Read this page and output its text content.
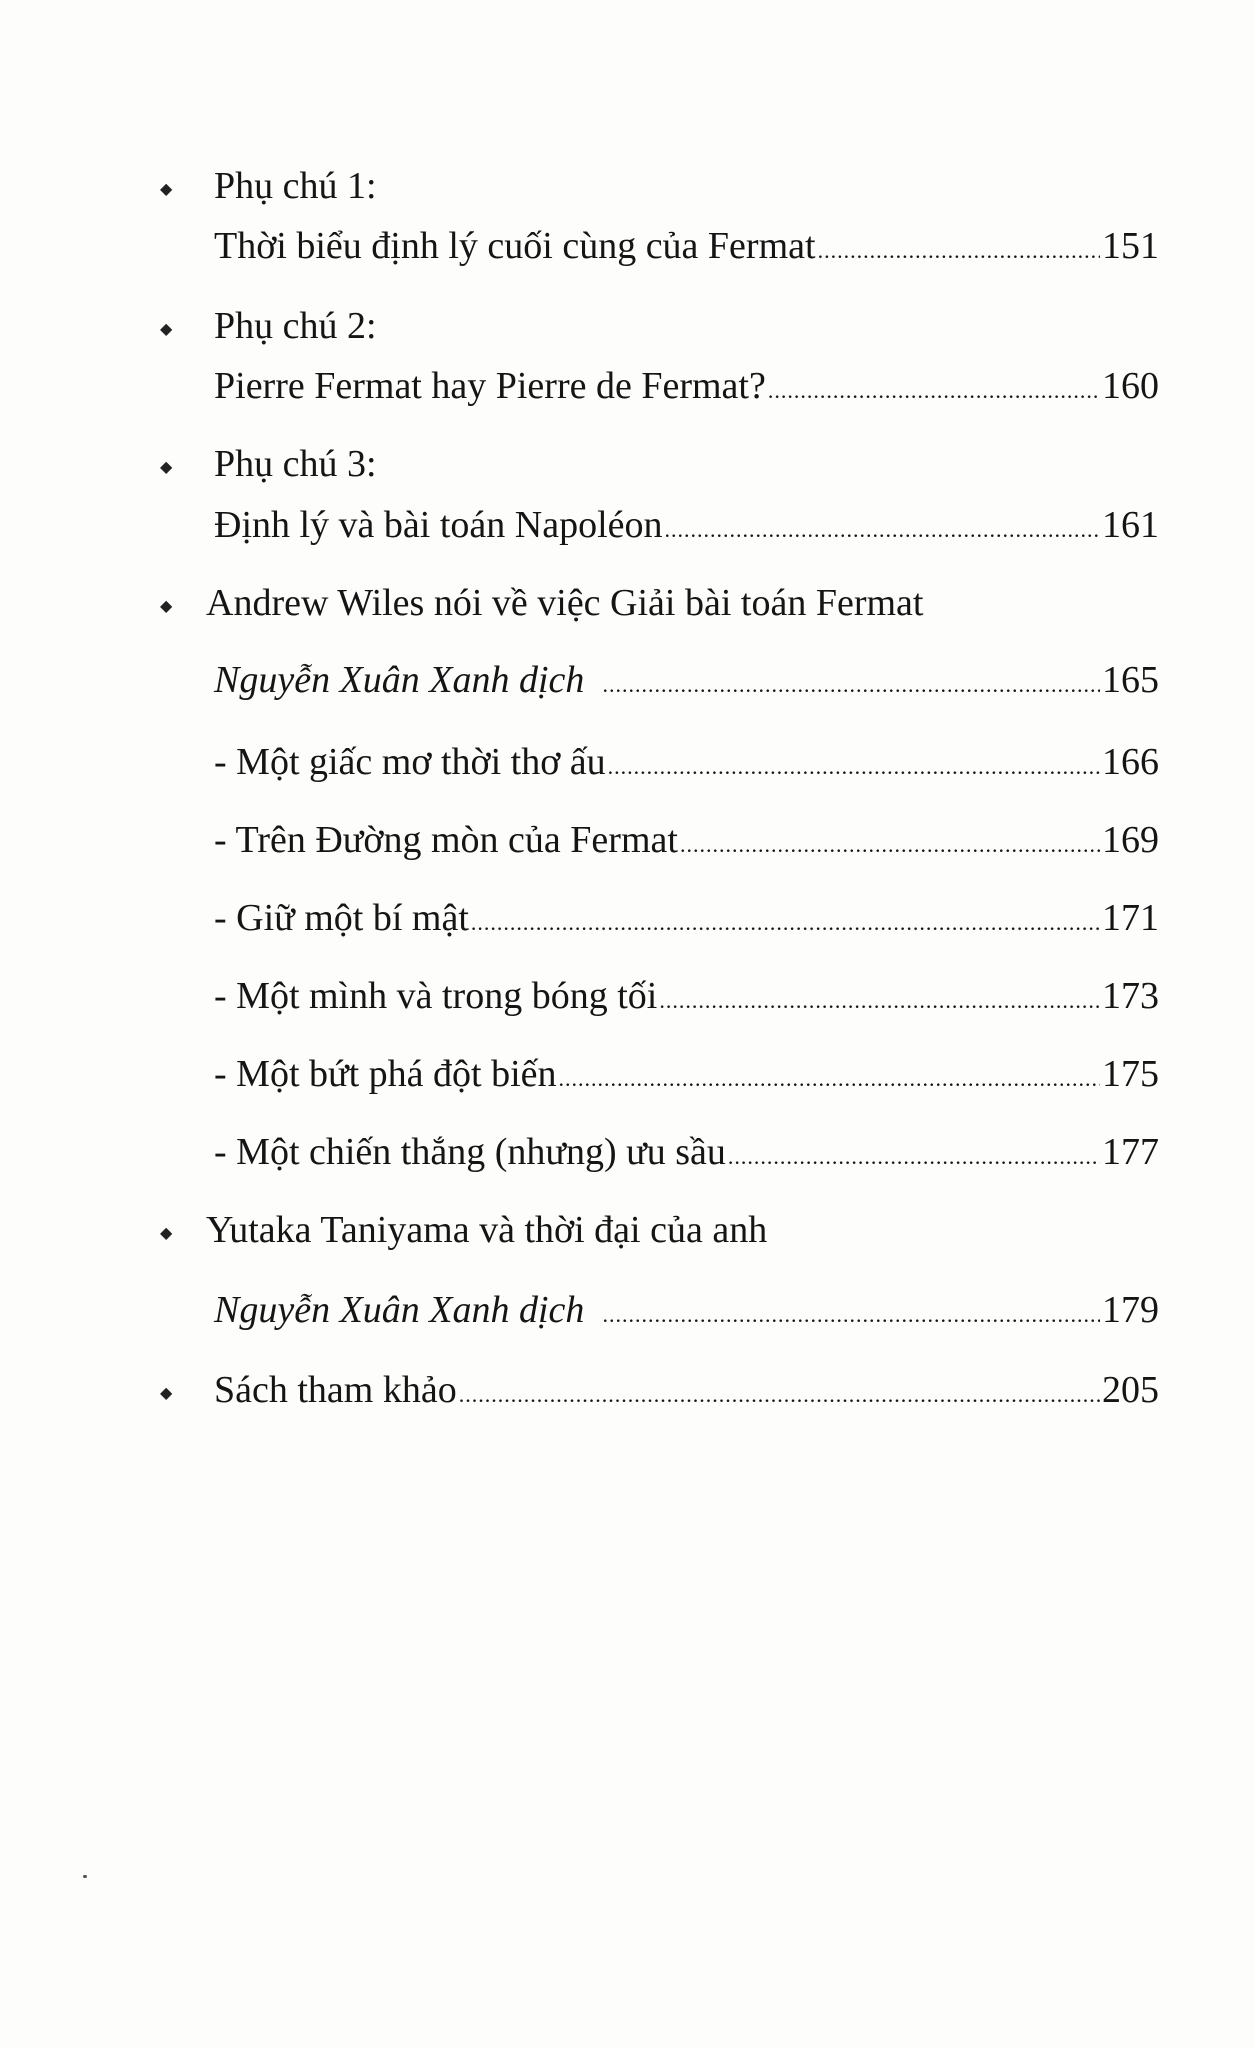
◆ Phụ chú 1:
Thời biểu định lý cuối cùng của Fermat .....	151
◆ Phụ chú 2:
Pierre Fermat hay Pierre de Fermat? .....	160
◆ Phụ chú 3:
Định lý và bài toán Napoléon .....	161
◆ Andrew Wiles nói về việc Giải bài toán Fermat
Nguyễn Xuân Xanh dịch .....	165
- Một giấc mơ thời thơ ấu .....	166
- Trên Đường mòn của Fermat .....	169
- Giữ một bí mật .....	171
- Một mình và trong bóng tối .....	173
- Một bứt phá đột biến .....	175
- Một chiến thắng (nhưng) ưu sầu .....	177
◆ Yutaka Taniyama và thời đại của anh
Nguyễn Xuân Xanh dịch .....	179
◆ Sách tham khảo .....	205
